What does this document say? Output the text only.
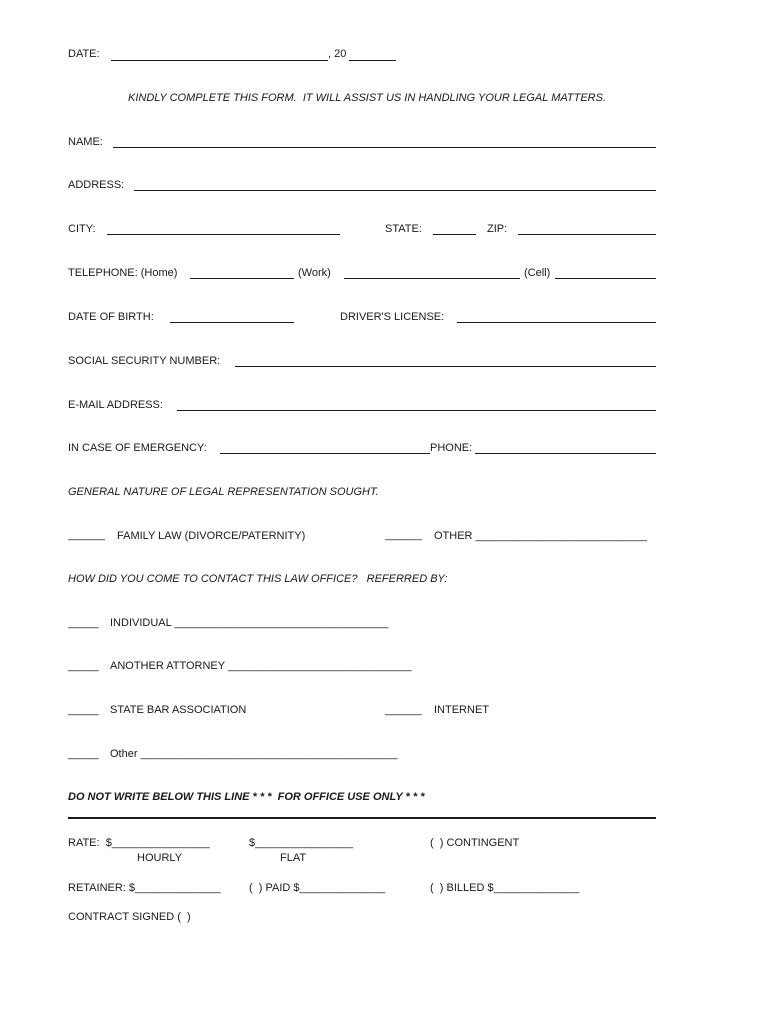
DATE:	, 20
KINDLY COMPLETE THIS FORM.  IT WILL ASSIST US IN HANDLING YOUR LEGAL MATTERS.
NAME:
ADDRESS:
CITY:	STATE:	ZIP:
TELEPHONE: (Home)	(Work)	(Cell)
DATE OF BIRTH:	DRIVER'S LICENSE:
SOCIAL SECURITY NUMBER:
E-MAIL ADDRESS:
IN CASE OF EMERGENCY:	PHONE:
GENERAL NATURE OF LEGAL REPRESENTATION SOUGHT.
______ FAMILY LAW (DIVORCE/PATERNITY)	______ OTHER ____________________________
HOW DID YOU COME TO CONTACT THIS LAW OFFICE?   REFERRED BY:
_____ INDIVIDUAL ___________________________________
_____ ANOTHER ATTORNEY ______________________________
_____ STATE BAR ASSOCIATION	______ INTERNET
_____ Other __________________________________________
DO NOT WRITE BELOW THIS LINE * * *  FOR OFFICE USE ONLY * * *
RATE:  $________________	$________________	(  ) CONTINGENT
HOURLY	FLAT
RETAINER: $______________	(  ) PAID $______________	(  ) BILLED $______________
CONTRACT SIGNED (  )
